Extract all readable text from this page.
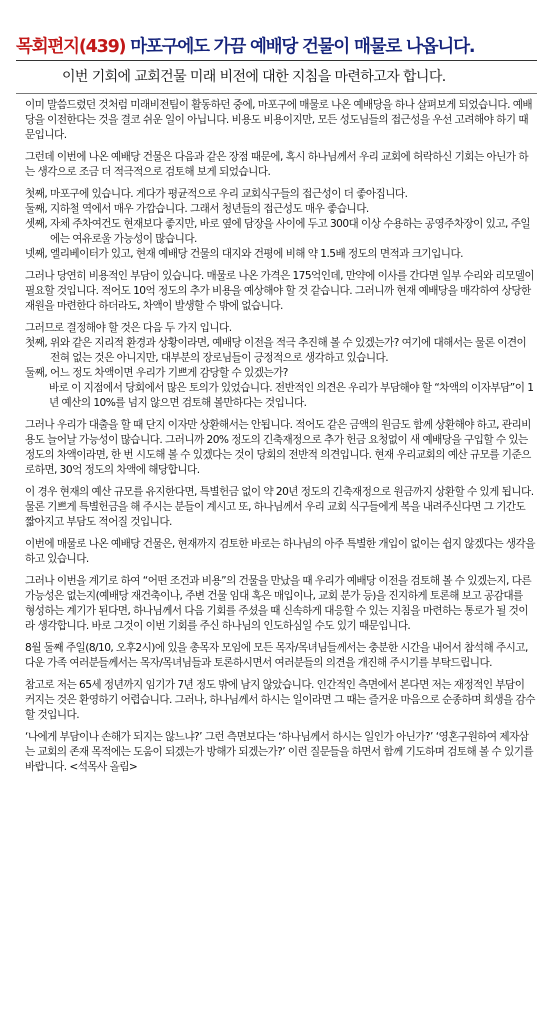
목회편지(439) 마포구에도 가끔 예배당 건물이 매물로 나옵니다.
이번 기회에 교회건물 미래 비전에 대한 지침을 마련하고자 합니다.

이미 말씀드렸던 것처럼 미래비전팀이 활동하던 중에, 마포구에 매물로 나온 예배당을 하나 살펴보게 되었습니다. 예배당을 이전한다는 것을 결코 쉬운 일이 아닙니다. 비용도 비용이지만, 모든 성도님들의 접근성을 우선 고려해야 하기 때문입니다.

그런데 이번에 나온 예배당 건물은 다음과 같은 장점 때문에, 혹시 하나님께서 우리 교회에 허락하신 기회는 아닌가 하는 생각으로 조금 더 적극적으로 검토해 보게 되었습니다.

첫째,
마포구에 있습니다. 게다가 평균적으로 우리 교회식구들의 접근성이 더 좋아집니다.
둘째,
지하철 역에서 매우 가깝습니다. 그래서 청년들의 접근성도 매우 좋습니다.
셋째,
자체 주차여건도 현재보다 좋지만, 바로 옆에 담장을 사이에 두고 300대 이상 수용하는 공영주차장이 있고, 주일에는 여유로울 가능성이 많습니다.
넷째,
엘리베이터가 있고, 현재 예배당 건물의 대지와 건평에 비해 약 1.5배 정도의 면적과 크기입니다.

그러나 당연히 비용적인 부담이 있습니다. 매물로 나온 가격은 175억인데, 만약에 이사를 간다면 일부 수리와 리모델이 필요할 것입니다. 적어도 10억 정도의 추가 비용을 예상해야 할 것 같습니다. 그러니까 현재 예배당을 매각하여 상당한 재원을 마련한다 하더라도, 차액이 발생할 수 밖에 없습니다.

그러므로 결정해야 할 것은 다음 두 가지 입니다.

첫째,
위와 같은 지리적 환경과 상황이라면, 예배당 이전을 적극 추진해 볼 수 있겠는가? 여기에 대해서는 물론 이견이 전혀 없는 것은 아니지만, 대부분의 장로님들이 긍정적으로 생각하고 있습니다.
둘째,
어느 정도 차액이면 우리가 기쁘게 감당할 수 있겠는가?

바로 이 지점에서 당회에서 많은 토의가 있었습니다. 전반적인 의견은 우리가 부담해야 할 “차액의 이자부담”이 1년 예산의 10%를 넘지 않으면 검토해 볼만하다는 것입니다.

그러나 우리가 대출을 할 때 단지 이자만 상환해서는 안됩니다. 적어도 같은 금액의 원금도 함께 상환해야 하고, 관리비용도 늘어날 가능성이 많습니다. 그러니까 20% 정도의 긴축재정으로 추가 헌금 요청없이 새 예배당을 구입할 수 있는 정도의 차액이라면, 한 번 시도해 볼 수 있겠다는 것이 당회의 전반적 의견입니다. 현재 우리교회의 예산 규모를 기준으로하면, 30억 정도의 차액에 해당합니다.

이 경우 현재의 예산 규모를 유지한다면, 특별헌금 없이 약 20년 정도의 긴축재정으로 원금까지 상환할 수 있게 됩니다. 물론 기쁘게 특별헌금을 해 주시는 분들이 계시고 또, 하나님께서 우리 교회 식구들에게 복을 내려주신다면 그 기간도 짧아지고 부담도 적어질 것입니다.

이번에 매물로 나온 예배당 건물은, 현재까지 검토한 바로는 하나님의 아주 특별한 개입이 없이는 쉽지 않겠다는 생각을 하고 있습니다.

그러나 이번을 계기로 하여 “어떤 조건과 비용”의 건물을 만났을 때 우리가 예배당 이전을 검토해 볼 수 있겠는지, 다른 가능성은 없는지(예배당 재건축이나, 주변 건물 임대 혹은 매입이나, 교회 분가 등)을 진지하게 토론해 보고 공감대를 형성하는 계기가 된다면, 하나님께서 다음 기회를 주셨을 때 신속하게 대응할 수 있는 지침을 마련하는 통로가 될 것이라 생각합니다. 바로 그것이 이번 기회를 주신 하나님의 인도하심일 수도 있기 때문입니다.

8월 둘째 주일(8/10, 오후2시)에 있을 총목자 모임에 모든 목자/목녀님들께서는 충분한 시간을 내어서 참석해 주시고, 다운 가족 여러분들께서는 목자/목녀님들과 토론하시면서 여러분들의 의견을 개진해 주시기를 부탁드립니다.

참고로 저는 65세 정년까지 임기가 7년 정도 밖에 남지 않았습니다. 인간적인 측면에서 본다면 저는 재정적인 부담이 커지는 것은 환영하기 어렵습니다. 그러나, 하나님께서 하시는 일이라면 그 때는 즐거운 마음으로 순종하며 희생을 감수할 것입니다.

‘나에게 부담이나 손해가 되지는 않느냐?’ 그런 측면보다는 ‘하나님께서 하시는 일인가 아닌가?’ ‘영혼구원하여 제자삼는 교회의 존재 목적에는 도움이 되겠는가 방해가 되겠는가?’ 이런 질문들을 하면서 함께 기도하며 검토해 볼 수 있기를 바랍니다. <석목사 올림>
